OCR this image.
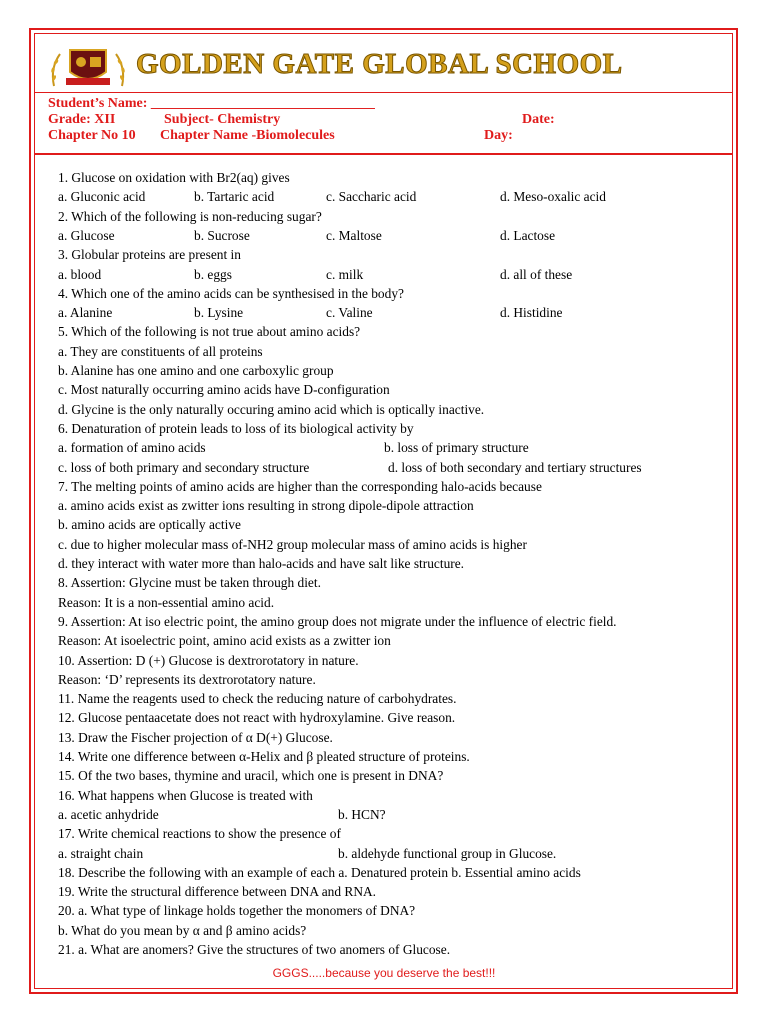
GOLDEN GATE GLOBAL SCHOOL
Student’s Name: ________________________________
Grade: XII	Subject- Chemistry	Date:
Chapter No 10 Chapter Name -Biomolecules	Day:
1. Glucose on oxidation with Br2(aq) gives
a. Gluconic acid	b. Tartaric acid	c. Saccharic acid	d. Meso-oxalic acid
2. Which of the following is non-reducing sugar?
a. Glucose	b. Sucrose	c. Maltose	d. Lactose
3. Globular proteins are present in
a. blood	b. eggs	c. milk	d. all of these
4. Which one of the amino acids can be synthesised in the body?
a. Alanine	b. Lysine	c. Valine	d. Histidine
5. Which of the following is not true about amino acids?
a. They are constituents of all proteins
b. Alanine has one amino and one carboxylic group
c. Most naturally occurring amino acids have D-configuration
d. Glycine is the only naturally occuring amino acid which is optically inactive.
6. Denaturation of protein leads to loss of its biological activity by
a. formation of amino acids	b. loss of primary structure
c. loss of both primary and secondary structure	d. loss of both secondary and tertiary structures
7. The melting points of amino acids are higher than the corresponding halo-acids because
a. amino acids exist as zwitter ions resulting in strong dipole-dipole attraction
b. amino acids are optically active
c. due to higher molecular mass of-NH2 group molecular mass of amino acids is higher
d. they interact with water more than halo-acids and have salt like structure.
8. Assertion: Glycine must be taken through diet.
Reason: It is a non-essential amino acid.
9. Assertion: At iso electric point, the amino group does not migrate under the influence of electric field.
Reason: At isoelectric point, amino acid exists as a zwitter ion
10. Assertion: D (+) Glucose is dextrorotatory in nature.
Reason: ‘D’ represents its dextrorotatory nature.
11. Name the reagents used to check the reducing nature of carbohydrates.
12. Glucose pentaacetate does not react with hydroxylamine. Give reason.
13. Draw the Fischer projection of α D(+) Glucose.
14. Write one difference between α-Helix and β pleated structure of proteins.
15. Of the two bases, thymine and uracil, which one is present in DNA?
16. What happens when Glucose is treated with
a. acetic anhydride	b. HCN?
17. Write chemical reactions to show the presence of
a. straight chain	b. aldehyde functional group in Glucose.
18. Describe the following with an example of each a. Denatured protein b. Essential amino acids
19. Write the structural difference between DNA and RNA.
20. a. What type of linkage holds together the monomers of DNA?
b. What do you mean by α and β amino acids?
21. a. What are anomers? Give the structures of two anomers of Glucose.
GGGS.....because you deserve the best!!!
